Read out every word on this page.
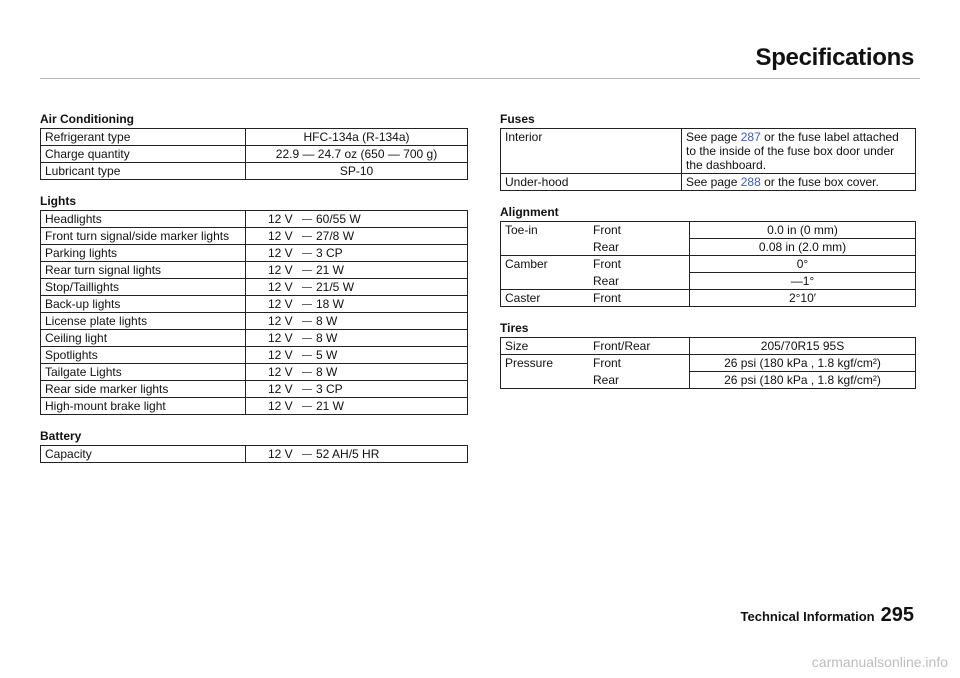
Specifications
Air Conditioning
Refrigerant type	HFC-134a (R-134a)
Charge quantity	22.9 — 24.7 oz (650 — 700 g)
Lubricant type	SP-10
Lights
Headlights	12 V 60/55 W
Front turn signal/side marker lights	12 V 27/8 W
Parking lights	12 V 3 CP
Rear turn signal lights	12 V 21 W
Stop/Taillights	12 V 21/5 W
Back-up lights	12 V 18 W
License plate lights	12 V 8 W
Ceiling light	12 V 8 W
Spotlights	12 V 5 W
Tailgate Lights	12 V 8 W
Rear side marker lights	12 V 3 CP
High-mount brake light	12 V 21 W
Battery
Capacity	12 V 52 AH/5 HR
Fuses
Interior	See page 287 or the fuse label attached to the inside of the fuse box door under the dashboard.
Under-hood	See page 288 or the fuse box cover.
Alignment
Toe-in	Front	0.0 in (0 mm)
	Rear	0.08 in (2.0 mm)
Camber	Front	0°
	Rear	—1°
Caster	Front	2°10′
Tires
Size	Front/Rear	205/70R15 95S
Pressure	Front	26 psi (180 kPa , 1.8 kgf/cm²)
	Rear	26 psi (180 kPa , 1.8 kgf/cm²)
Technical Information 295
carmanualsonline.info
